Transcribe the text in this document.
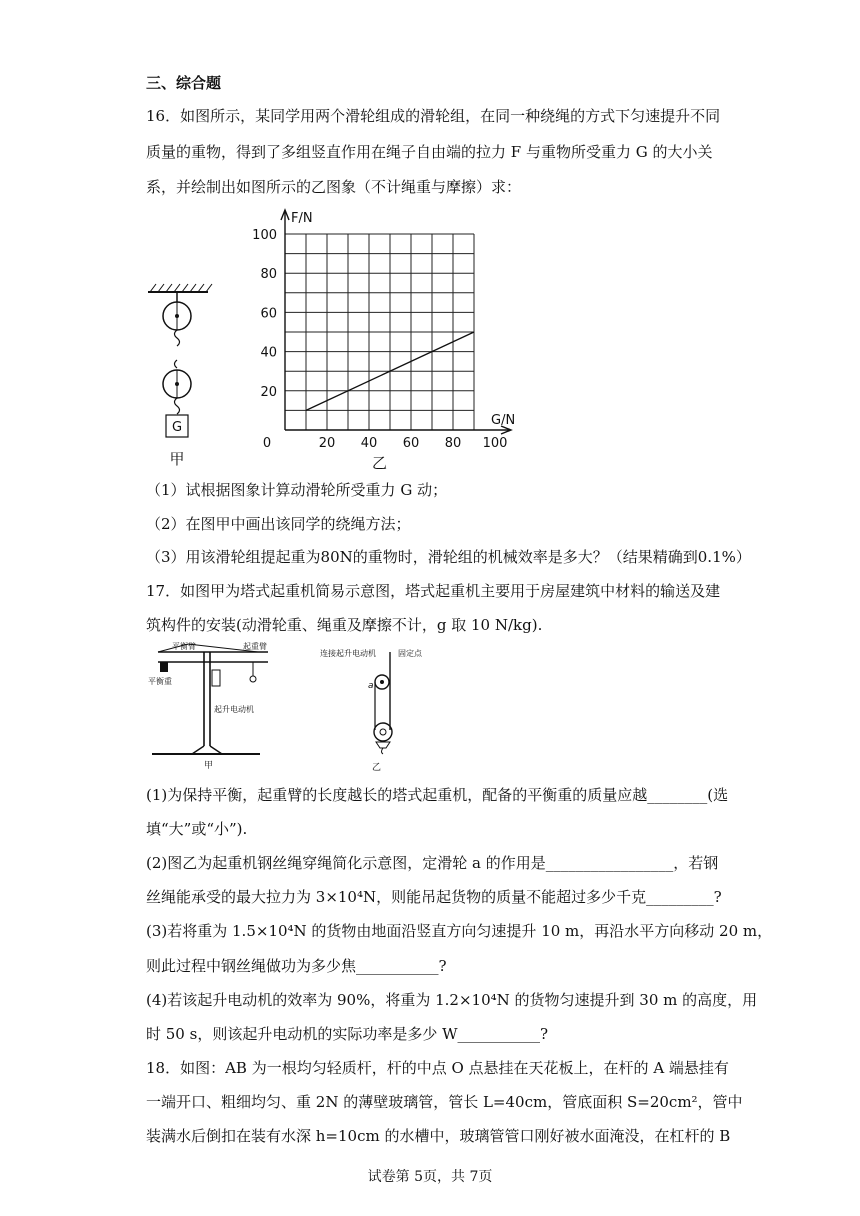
三、综合题
16．如图所示，某同学用两个滑轮组成的滑轮组，在同一种绕绳的方式下匀速提升不同
质量的重物，得到了多组竖直作用在绳子自由端的拉力 F 与重物所受重力 G 的大小关
系，并绘制出如图所示的乙图象（不计绳重与摩擦）求：
G
甲
20 40 60 80 100
20
40
60
80
100
0
F/N
G/N
乙
（1）试根据图象计算动滑轮所受重力 G 动；
（2）在图甲中画出该同学的绕绳方法；
（3）用该滑轮组提起重为80N的重物时，滑轮组的机械效率是多大？（结果精确到0.1%）
17．如图甲为塔式起重机简易示意图，塔式起重机主要用于房屋建筑中材料的输送及建
筑构件的安装(动滑轮重、绳重及摩擦不计，g 取 10 N/kg).
平衡臂	起重臂
平衡重
起升电动机
甲
连接起升电动机	固定点
a
乙
(1)为保持平衡，起重臂的长度越长的塔式起重机，配备的平衡重的质量应越________(选
填“大”或“小”).
(2)图乙为起重机钢丝绳穿绳简化示意图，定滑轮 a 的作用是_________________，若钢
丝绳能承受的最大拉力为 3×10⁴N，则能吊起货物的质量不能超过多少千克_________?
(3)若将重为 1.5×10⁴N 的货物由地面沿竖直方向匀速提升 10 m，再沿水平方向移动 20 m，
则此过程中钢丝绳做功为多少焦___________?
(4)若该起升电动机的效率为 90%，将重为 1.2×10⁴N 的货物匀速提升到 30 m 的高度，用
时 50 s，则该起升电动机的实际功率是多少 W___________?
18．如图：AB 为一根均匀轻质杆，杆的中点 O 点悬挂在天花板上，在杆的 A 端悬挂有
一端开口、粗细均匀、重 2N 的薄壁玻璃管，管长 L=40cm，管底面积 S=20cm²，管中
装满水后倒扣在装有水深 h=10cm 的水槽中，玻璃管管口刚好被水面淹没，在杠杆的 B
试卷第 5页，共 7页
